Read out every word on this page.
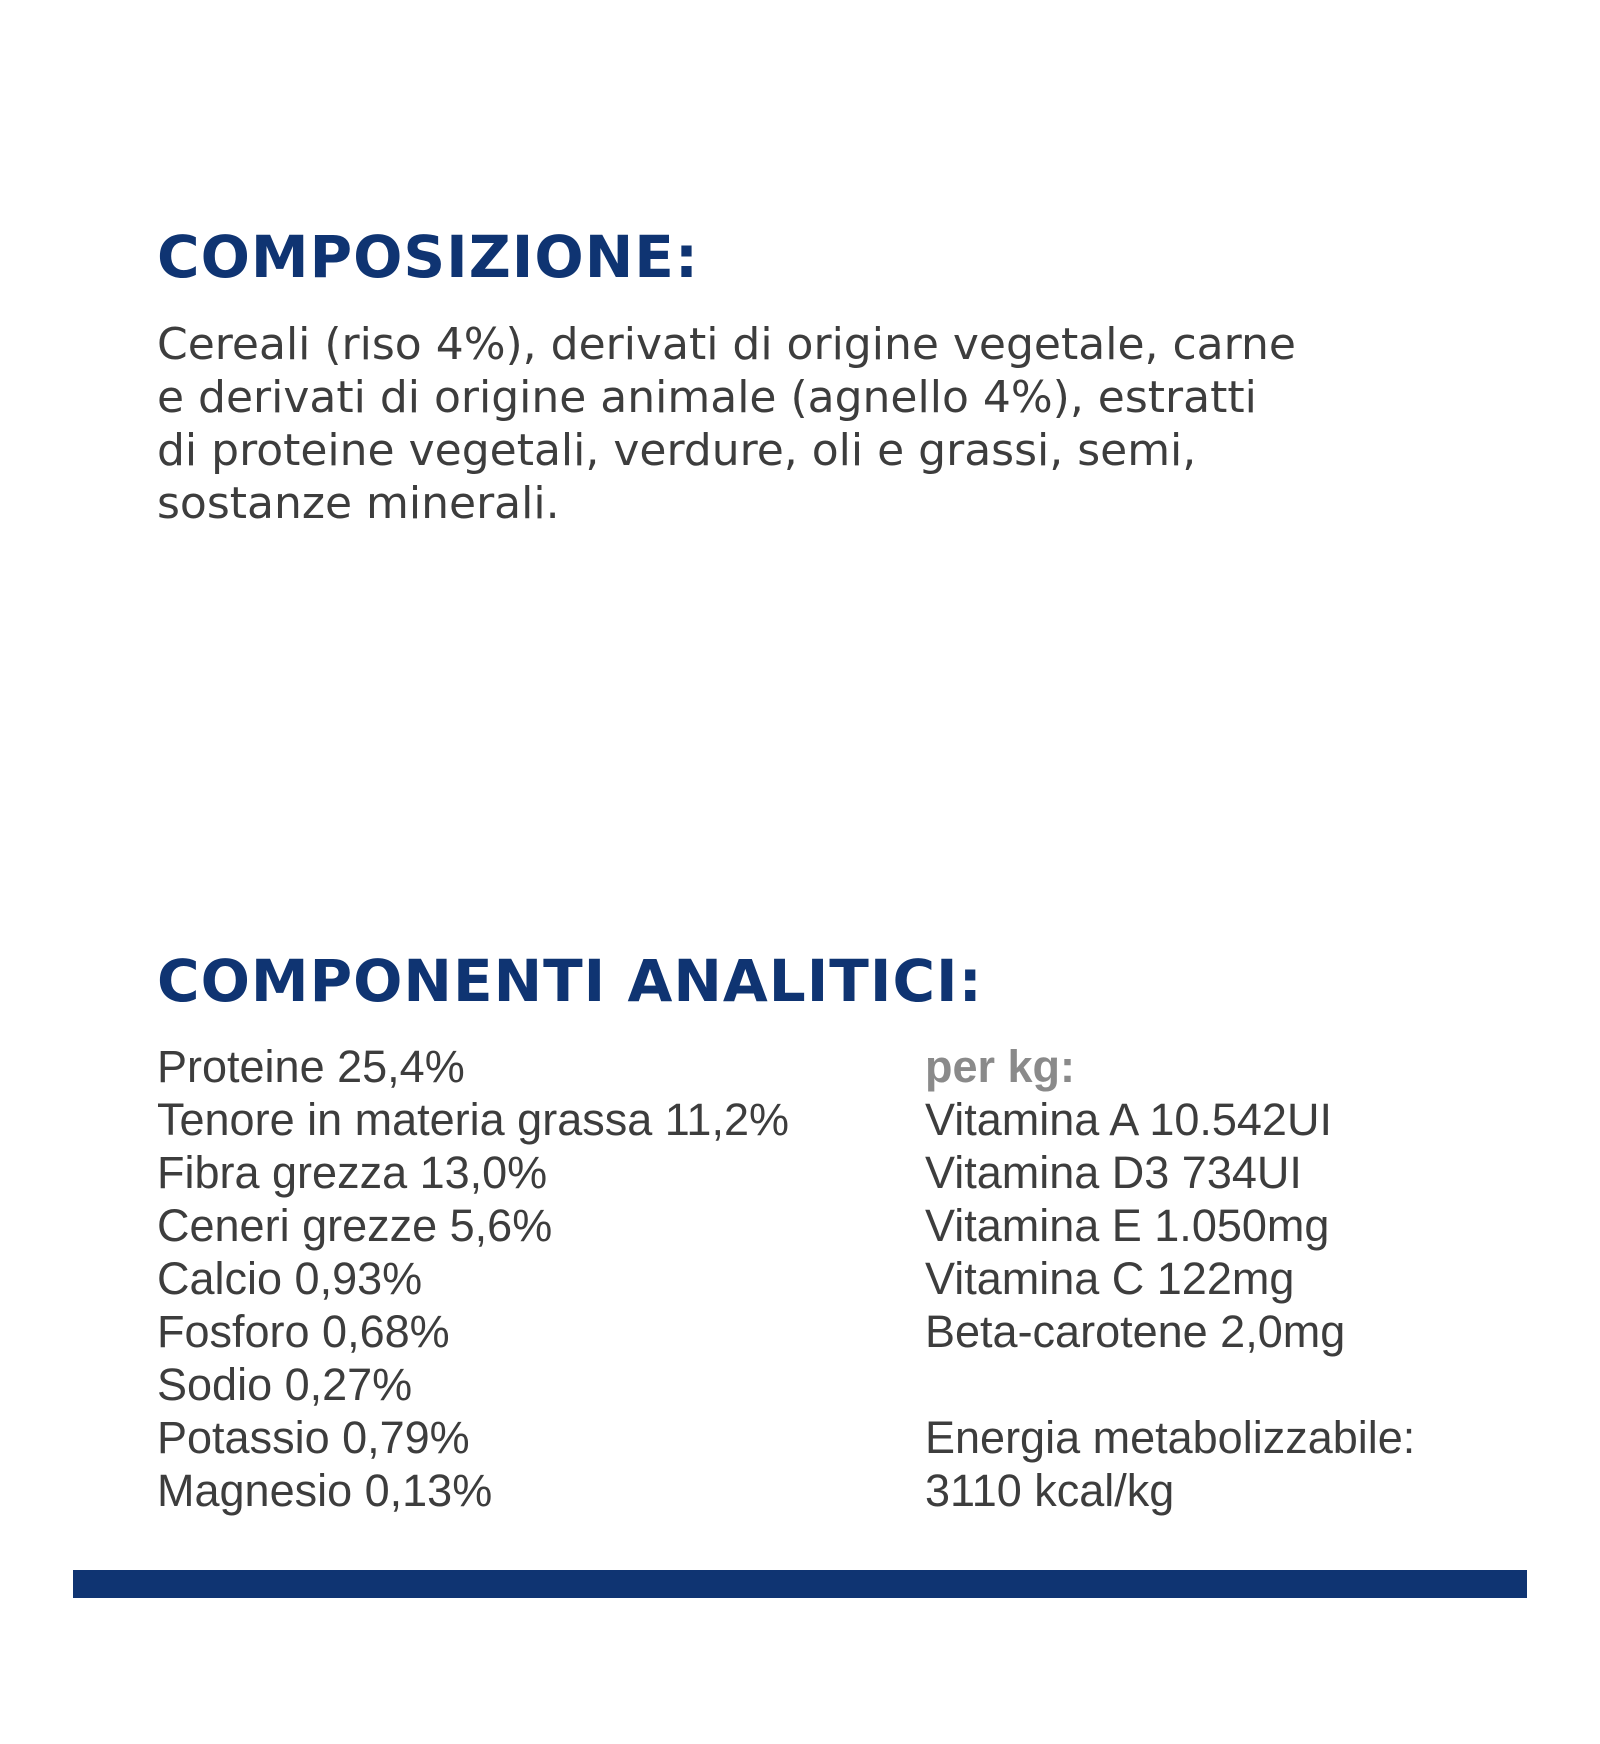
COMPOSIZIONE:

Cereali (riso 4%), derivati di origine vegetale, carne
e derivati di origine animale (agnello 4%), estratti
di proteine vegetali, verdure, oli e grassi, semi,
sostanze minerali.

COMPONENTI ANALITICI:
Proteine 25,4%
Tenore in materia grassa 11,2%
Fibra grezza 13,0%
Ceneri grezze 5,6%
Calcio 0,93%
Fosforo 0,68%
Sodio 0,27%
Potassio 0,79%
Magnesio 0,13%
per kg:
Vitamina A 10.542UI
Vitamina D3 734UI
Vitamina E 1.050mg
Vitamina C 122mg
Beta-carotene 2,0mg
Energia metabolizzabile:
3110 kcal/kg
